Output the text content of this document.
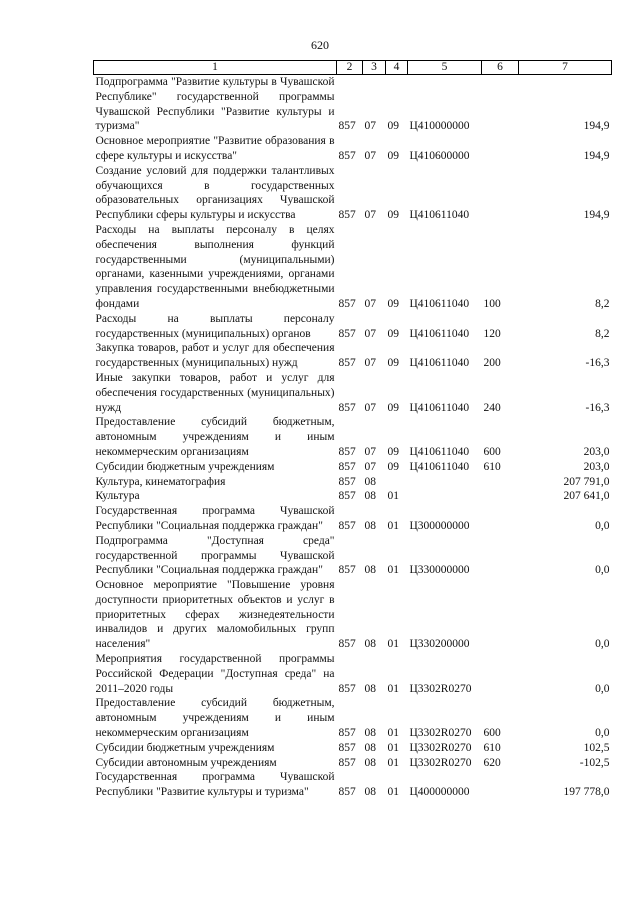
620
1	2	3	4	5	6	7
Подпрограмма "Развитие культуры в Чувашской Республике" государственной программы Чувашской Республики "Развитие культуры и туризма"	857	07	09	Ц410000000		194,9
Основное мероприятие "Развитие образования в сфере культуры и искусства"	857	07	09	Ц410600000		194,9
Создание условий для поддержки талантливых обучающихся в государственных образовательных организациях Чувашской Республики сферы культуры и искусства	857	07	09	Ц410611040		194,9
Расходы на выплаты персоналу в целях обеспечения выполнения функций государственными (муниципальными) органами, казенными учреждениями, органами управления государственными внебюджетными фондами	857	07	09	Ц410611040	100	8,2
Расходы на выплаты персоналу государственных (муниципальных) органов	857	07	09	Ц410611040	120	8,2
Закупка товаров, работ и услуг для обеспечения государственных (муниципальных) нужд	857	07	09	Ц410611040	200	-16,3
Иные закупки товаров, работ и услуг для обеспечения государственных (муниципальных) нужд	857	07	09	Ц410611040	240	-16,3
Предоставление субсидий бюджетным, автономным учреждениям и иным некоммерческим организациям	857	07	09	Ц410611040	600	203,0
Субсидии бюджетным учреждениям	857	07	09	Ц410611040	610	203,0
Культура, кинематография	857	08				207 791,0
Культура	857	08	01			207 641,0
Государственная программа Чувашской Республики "Социальная поддержка граждан"	857	08	01	Ц300000000		0,0
Подпрограмма "Доступная среда" государственной программы Чувашской Республики "Социальная поддержка граждан"	857	08	01	Ц330000000		0,0
Основное мероприятие "Повышение уровня доступности приоритетных объектов и услуг в приоритетных сферах жизнедеятельности инвалидов и других маломобильных групп населения"	857	08	01	Ц330200000		0,0
Мероприятия государственной программы Российской Федерации "Доступная среда" на 2011–2020 годы	857	08	01	Ц3302R0270		0,0
Предоставление субсидий бюджетным, автономным учреждениям и иным некоммерческим организациям	857	08	01	Ц3302R0270	600	0,0
Субсидии бюджетным учреждениям	857	08	01	Ц3302R0270	610	102,5
Субсидии автономным учреждениям	857	08	01	Ц3302R0270	620	-102,5
Государственная программа Чувашской Республики "Развитие культуры и туризма"	857	08	01	Ц400000000		197 778,0
